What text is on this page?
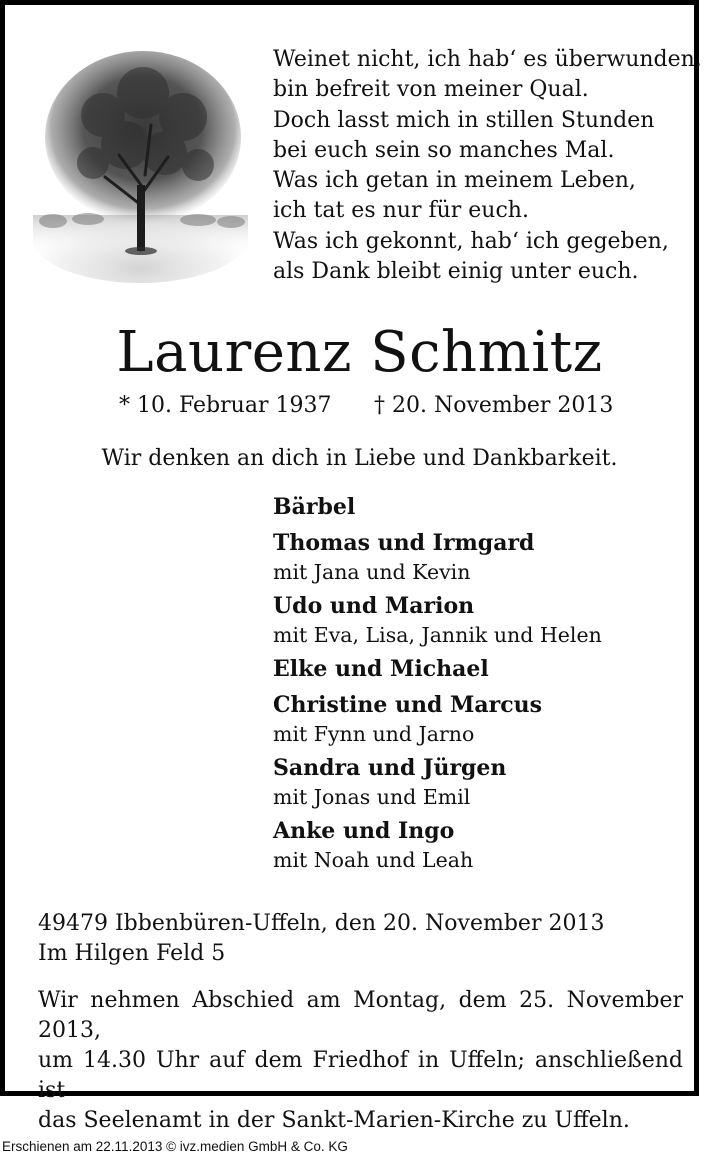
Weinet nicht, ich hab‘ es überwunden,
bin befreit von meiner Qual.
Doch lasst mich in stillen Stunden
bei euch sein so manches Mal.
Was ich getan in meinem Leben,
ich tat es nur für euch.
Was ich gekonnt, hab‘ ich gegeben,
als Dank bleibt einig unter euch.
Laurenz Schmitz
* 10. Februar 1937 † 20. November 2013
Wir denken an dich in Liebe und Dankbarkeit.
Bärbel
Thomas und Irmgard
mit Jana und Kevin
Udo und Marion
mit Eva, Lisa, Jannik und Helen
Elke und Michael
Christine und Marcus
mit Fynn und Jarno
Sandra und Jürgen
mit Jonas und Emil
Anke und Ingo
mit Noah und Leah
49479 Ibbenbüren-Uffeln, den 20. November 2013
Im Hilgen Feld 5
Wir nehmen Abschied am Montag, dem 25. November 2013,
um 14.30 Uhr auf dem Friedhof in Uffeln; anschließend ist
das Seelenamt in der Sankt-Marien-Kirche zu Uffeln.
Erschienen am 22.11.2013 © ivz.medien GmbH & Co. KG
